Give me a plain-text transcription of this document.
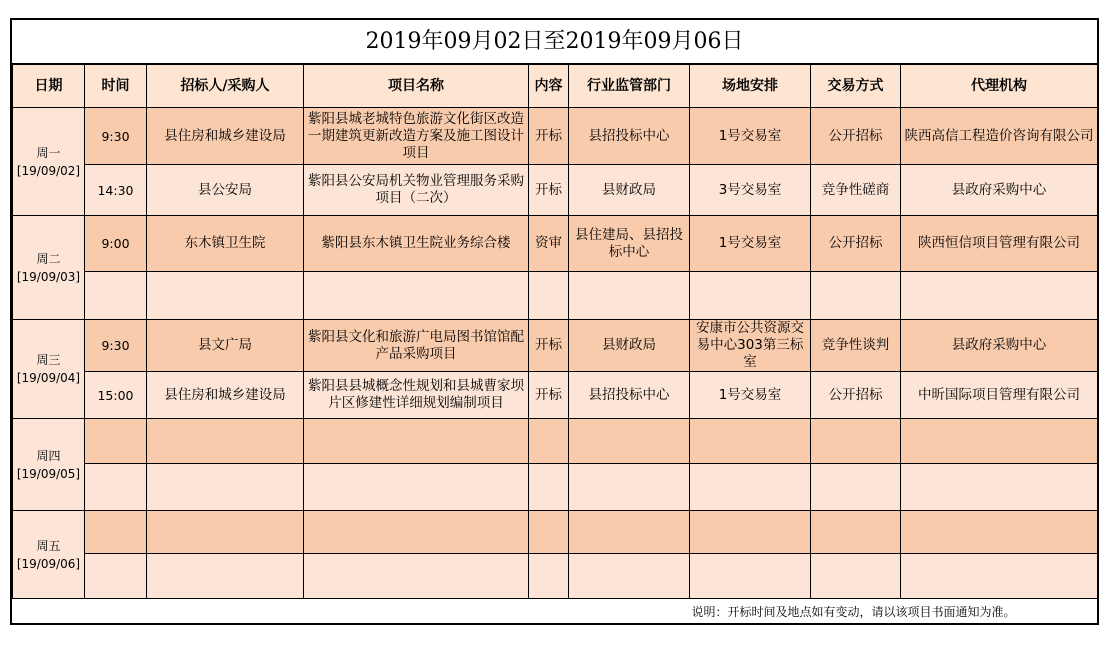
2019年09月02日至2019年09月06日
日期	时间	招标人/采购人	项目名称	内容	行业监管部门	场地安排	交易方式	代理机构

周一
[19/09/02]	9:30	县住房和城乡建设局	紫阳县城老城特色旅游文化街区改造一期建筑更新改造方案及施工图设计项目	开标	县招投标中心	1号交易室	公开招标	陕西高信工程造价咨询有限公司
	14:30	县公安局	紫阳县公安局机关物业管理服务采购项目（二次）	开标	县财政局	3号交易室	竞争性磋商	县政府采购中心

周二
[19/09/03]	9:00	东木镇卫生院	紫阳县东木镇卫生院业务综合楼	资审	县住建局、县招投标中心	1号交易室	公开招标	陕西恒信项目管理有限公司

周三
[19/09/04]	9:30	县文广局	紫阳县文化和旅游广电局图书馆馆配产品采购项目	开标	县财政局	安康市公共资源交易中心303第三标室	竞争性谈判	县政府采购中心
	15:00	县住房和城乡建设局	紫阳县县城概念性规划和县城曹家坝片区修建性详细规划编制项目	开标	县招投标中心	1号交易室	公开招标	中昕国际项目管理有限公司

周四
[19/09/05]								

周五
[19/09/06]								

说明：开标时间及地点如有变动，请以该项目书面通知为准。								
